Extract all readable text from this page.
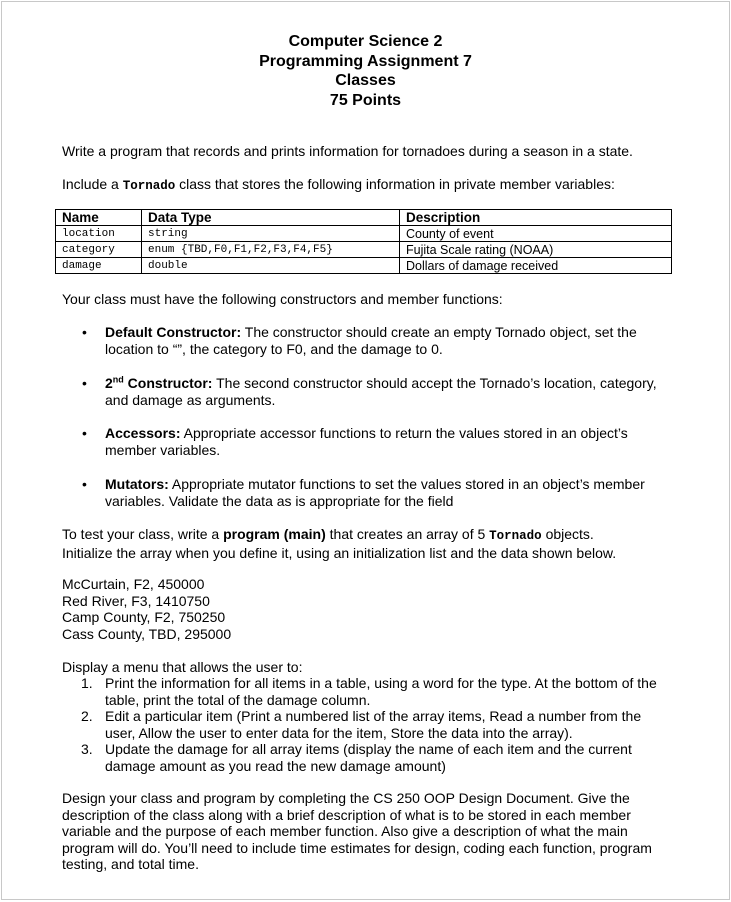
Computer Science 2
Programming Assignment 7
Classes
75 Points
Write a program that records and prints information for tornadoes during a season in a state.
Include a Tornado class that stores the following information in private member variables:
Name	Data Type	Description
location	string	County of event
category	enum {TBD,F0,F1,F2,F3,F4,F5}	Fujita Scale rating (NOAA)
damage	double	Dollars of damage received
Your class must have the following constructors and member functions:
• Default Constructor: The constructor should create an empty Tornado object, set the location to “”, the category to F0, and the damage to 0.
• 2nd Constructor: The second constructor should accept the Tornado’s location, category, and damage as arguments.
• Accessors: Appropriate accessor functions to return the values stored in an object’s member variables.
• Mutators: Appropriate mutator functions to set the values stored in an object’s member variables. Validate the data as is appropriate for the field
To test your class, write a program (main) that creates an array of 5 Tornado objects. Initialize the array when you define it, using an initialization list and the data shown below.
McCurtain, F2, 450000
Red River, F3, 1410750
Camp County, F2, 750250
Cass County, TBD, 295000
Display a menu that allows the user to:
1. Print the information for all items in a table, using a word for the type. At the bottom of the table, print the total of the damage column.
2. Edit a particular item (Print a numbered list of the array items, Read a number from the user, Allow the user to enter data for the item, Store the data into the array).
3. Update the damage for all array items (display the name of each item and the current damage amount as you read the new damage amount)
Design your class and program by completing the CS 250 OOP Design Document. Give the description of the class along with a brief description of what is to be stored in each member variable and the purpose of each member function. Also give a description of what the main program will do. You’ll need to include time estimates for design, coding each function, program testing, and total time.
